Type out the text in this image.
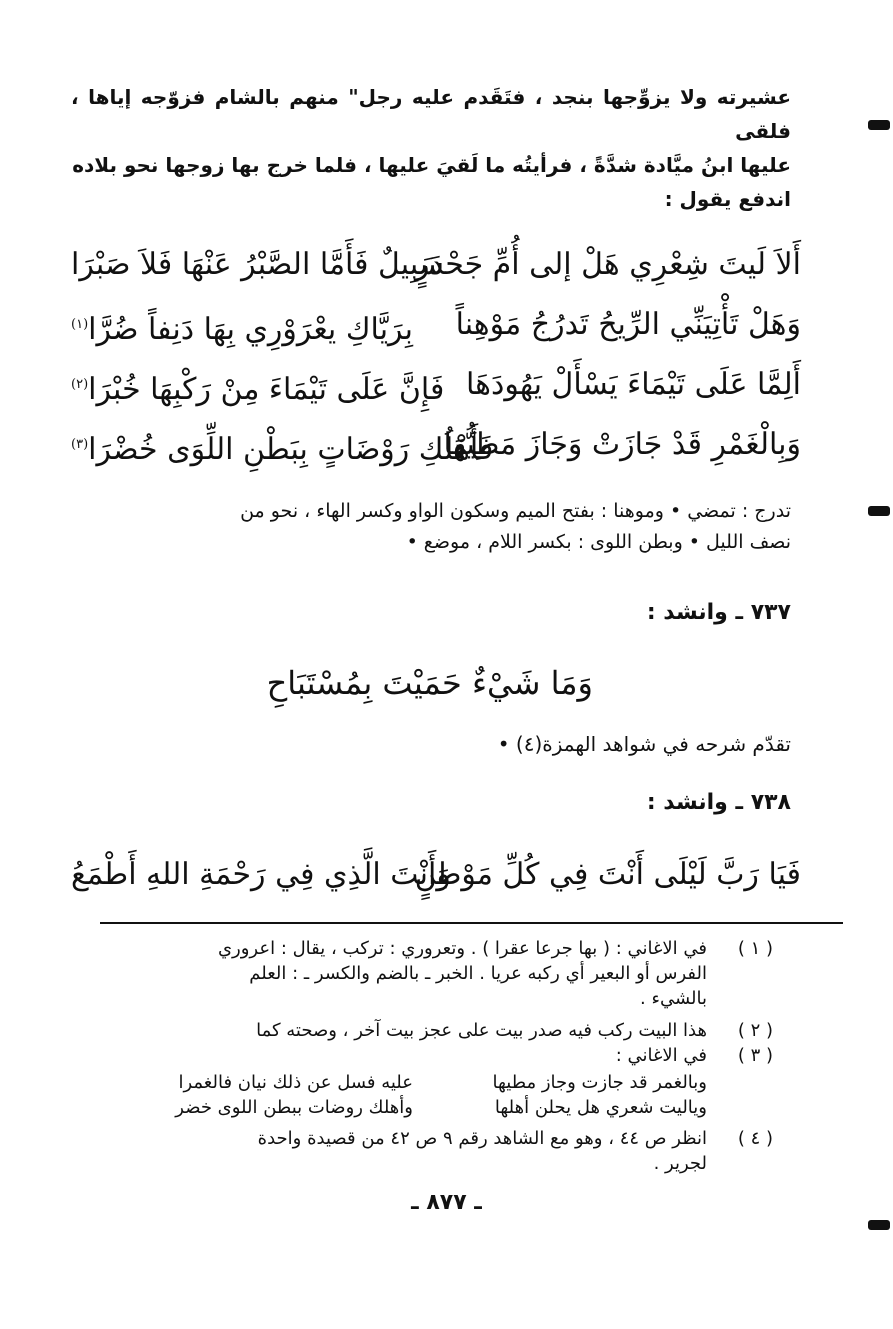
عشيرته ولا يزوِّجها بنجد ، فتَقَدم عليه رجل" منهم بالشام فزوّجه إياها ، فلقى
عليها ابنُ ميَّادة شدَّةً ، فرأيتُه ما لَقيَ عليها ، فلما خرج بها زوجها نحو بلاده
اندفع يقول :
أَلاَ لَيتَ شِعْرِي هَلْ إلى أُمِّ جَحْدَرٍ
سَبِيلٌ فَأَمَّا الصَّبْرُ عَنْهَا فَلاَ صَبْرَا
وَهَلْ تَأْتِيَنِّي الرِّيحُ تَدرُجُ مَوْهِناً
بِرَيَّاكِ يعْرَوْرِي بِهَا دَنِفاً ضُرَّا$^{(١)}$
أَلِمَّا عَلَى تَيْمَاءَ يَسْأَلْ يَهُودَهَا
فَإِنَّ عَلَى تَيْمَاءَ مِنْ رَكْبِهَا خُبْرَا$^{(٢)}$
وَبِالْغَمْرِ قَدْ جَازَتْ وَجَازَ مَطِيُّهَا
فَأَهْلُكِ رَوْضَاتٍ بِبَطْنِ اللِّوَى خُضْرَا$^{(٣)}$
تدرج : تمضي • وموهنا : بفتح الميم وسكون الواو وكسر الهاء ، نحو من
نصف الليل • وبطن اللوى : بكسر اللام ، موضع •
٧٣٧ ـ وانشد :
وَمَا شَيْءٌ حَمَيْتَ بِمُسْتَبَاحِ
تقدّم شرحه في شواهد الهمزة(٤) •
٧٣٨ ـ وانشد :
فَيَا رَبَّ لَيْلَى أَنْتَ فِي كُلِّ مَوْطِنٍ
وَأَنْتَ الَّذِي فِي رَحْمَةِ اللهِ أَطْمَعُ
( ١ )
في الاغاني : ( بها جرعا عقرا ) . وتعروري : تركب ، يقال : اعروري
الفرس أو البعير أي ركبه عريا . الخبر ـ بالضم والكسر ـ : العلم
بالشيء .
( ٢ )
هذا البيت ركب فيه صدر بيت على عجز بيت آخر ، وصحته كما
( ٣ )
في الاغاني :
وبالغمر قد جازت وجاز مطيها
عليه فسل عن ذلك نيان فالغمرا
وياليت شعري هل يحلن أهلها
وأهلك روضات ببطن اللوى خضر
( ٤ )
انظر ص ٤٤ ، وهو مع الشاهد رقم ٩ ص ٤٢ من قصيدة واحدة
لجرير .
ـ ٨٧٧ ـ
